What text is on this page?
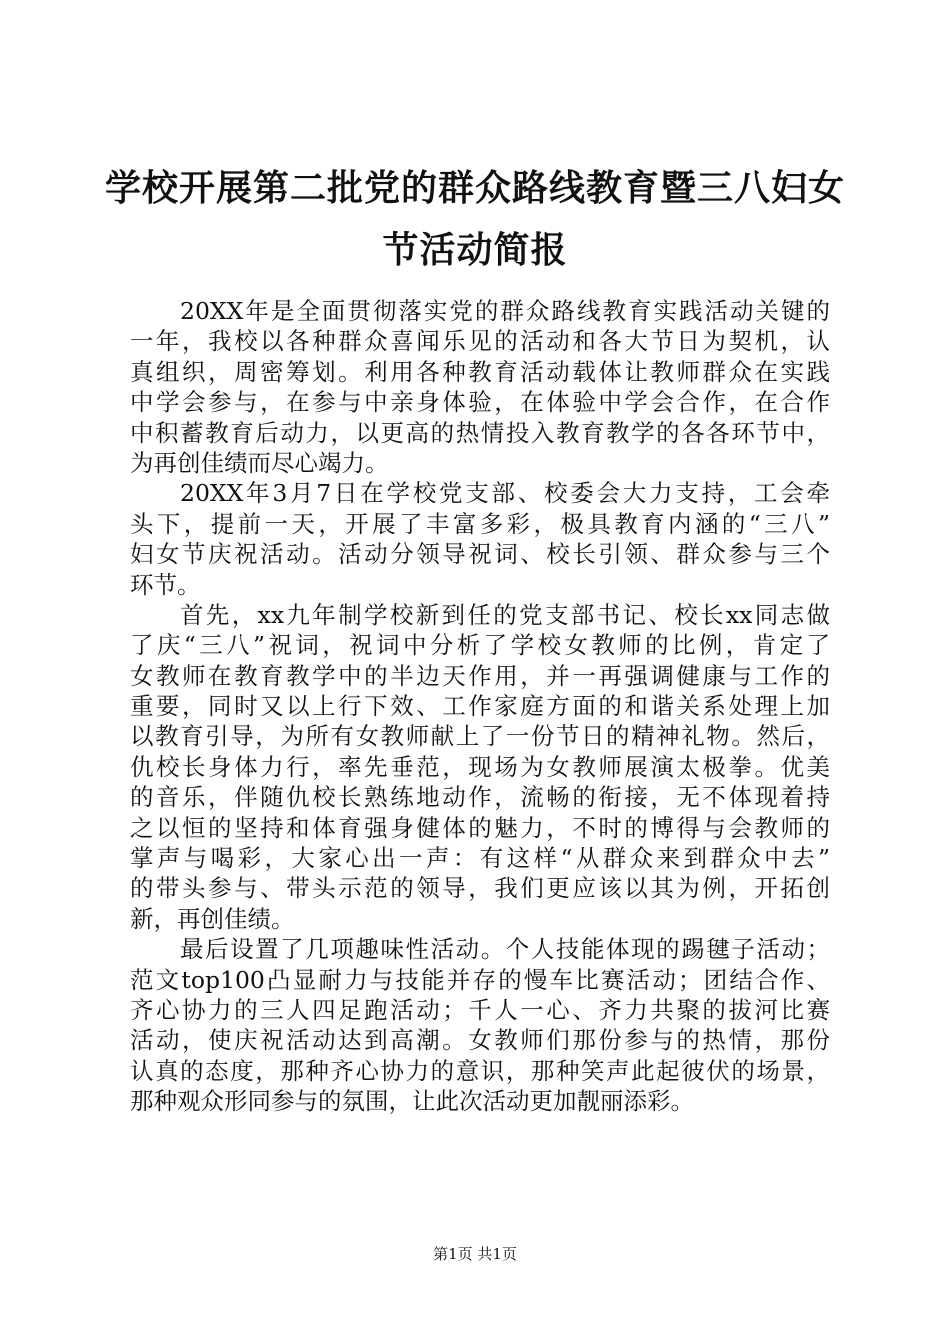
学校开展第二批党的群众路线教育暨三八妇女
节活动简报
20XX年是全面贯彻落实党的群众路线教育实践活动关键的
一年，我校以各种群众喜闻乐见的活动和各大节日为契机，认
真组织，周密筹划。利用各种教育活动载体让教师群众在实践
中学会参与，在参与中亲身体验，在体验中学会合作，在合作
中积蓄教育后动力，以更高的热情投入教育教学的各各环节中，
为再创佳绩而尽心竭力。
20XX年3月7日在学校党支部、校委会大力支持，工会牵
头下，提前一天，开展了丰富多彩，极具教育内涵的“三八”
妇女节庆祝活动。活动分领导祝词、校长引领、群众参与三个
环节。
首先，xx九年制学校新到任的党支部书记、校长xx同志做
了庆“三八”祝词，祝词中分析了学校女教师的比例，肯定了
女教师在教育教学中的半边天作用，并一再强调健康与工作的
重要，同时又以上行下效、工作家庭方面的和谐关系处理上加
以教育引导，为所有女教师献上了一份节日的精神礼物。然后，
仇校长身体力行，率先垂范，现场为女教师展演太极拳。优美
的音乐，伴随仇校长熟练地动作，流畅的衔接，无不体现着持
之以恒的坚持和体育强身健体的魅力，不时的博得与会教师的
掌声与喝彩，大家心出一声：有这样“从群众来到群众中去”
的带头参与、带头示范的领导，我们更应该以其为例，开拓创
新，再创佳绩。
最后设置了几项趣味性活动。个人技能体现的踢毽子活动；
范文top100凸显耐力与技能并存的慢车比赛活动；团结合作、
齐心协力的三人四足跑活动；千人一心、齐力共聚的拔河比赛
活动，使庆祝活动达到高潮。女教师们那份参与的热情，那份
认真的态度，那种齐心协力的意识，那种笑声此起彼伏的场景，
那种观众形同参与的氛围，让此次活动更加靓丽添彩。
第1页 共1页
